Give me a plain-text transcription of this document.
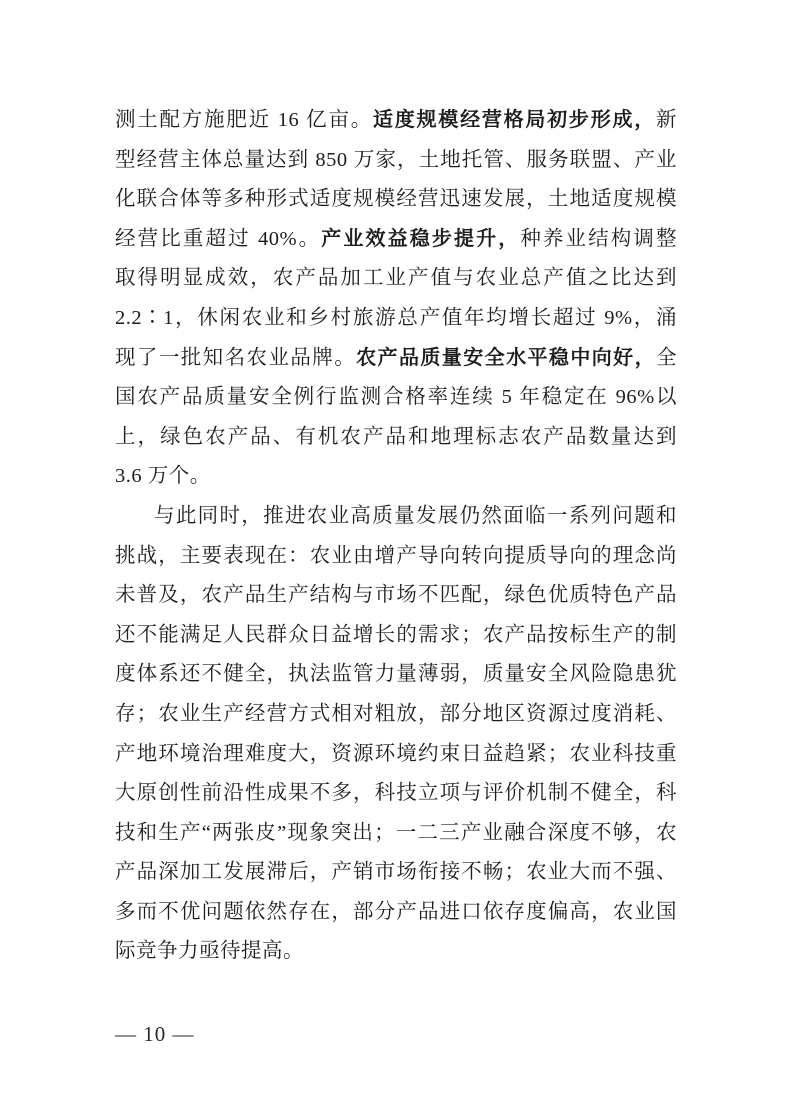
测土配方施肥近 16 亿亩。适度规模经营格局初步形成，新
型经营主体总量达到 850 万家，土地托管、服务联盟、产业
化联合体等多种形式适度规模经营迅速发展，土地适度规模
经营比重超过 40%。产业效益稳步提升，种养业结构调整
取得明显成效，农产品加工业产值与农业总产值之比达到
2.2∶1，休闲农业和乡村旅游总产值年均增长超过 9%，涌
现了一批知名农业品牌。农产品质量安全水平稳中向好，全
国农产品质量安全例行监测合格率连续 5 年稳定在 96%以
上，绿色农产品、有机农产品和地理标志农产品数量达到
3.6 万个。
与此同时，推进农业高质量发展仍然面临一系列问题和
挑战，主要表现在：农业由增产导向转向提质导向的理念尚
未普及，农产品生产结构与市场不匹配，绿色优质特色产品
还不能满足人民群众日益增长的需求；农产品按标生产的制
度体系还不健全，执法监管力量薄弱，质量安全风险隐患犹
存；农业生产经营方式相对粗放，部分地区资源过度消耗、
产地环境治理难度大，资源环境约束日益趋紧；农业科技重
大原创性前沿性成果不多，科技立项与评价机制不健全，科
技和生产“两张皮”现象突出；一二三产业融合深度不够，农
产品深加工发展滞后，产销市场衔接不畅；农业大而不强、
多而不优问题依然存在，部分产品进口依存度偏高，农业国
际竞争力亟待提高。
— 10 —
